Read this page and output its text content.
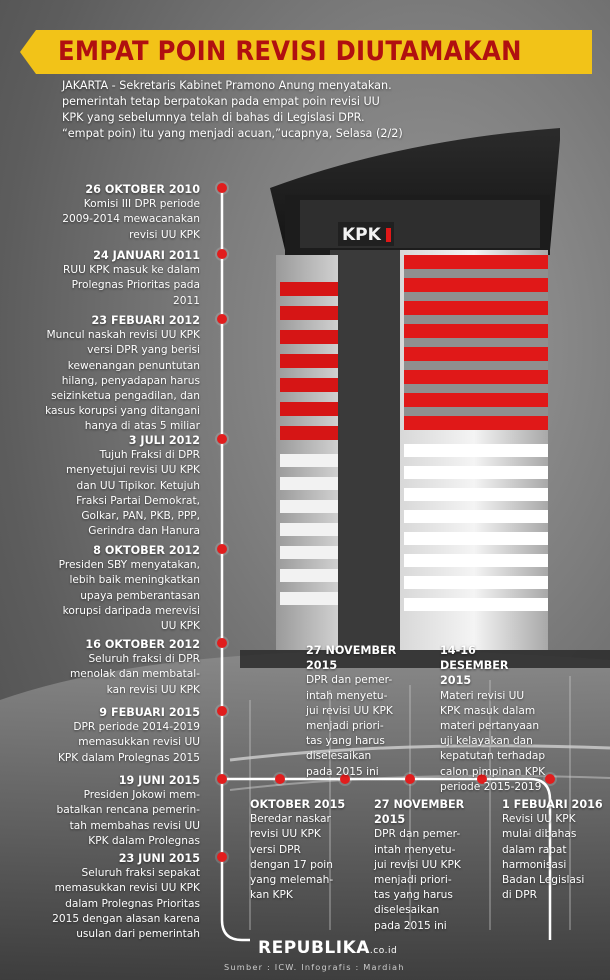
KPK
EMPAT POIN REVISI DIUTAMAKAN
JAKARTA - Sekretaris Kabinet Pramono Anung menyatakan.
pemerintah tetap berpatokan pada empat poin revisi UU
KPK yang sebelumnya telah di bahas di Legislasi DPR.
“empat poin) itu yang menjadi acuan,”ucapnya, Selasa (2/2)
26 OKTOBER 2010
Komisi III DPR periode
2009-2014 mewacanakan
revisi UU KPK
24 JANUARI 2011
RUU KPK masuk ke dalam
Prolegnas Prioritas pada
2011
23 FEBUARI 2012
Muncul naskah revisi UU KPK
versi DPR yang berisi
kewenangan penuntutan
hilang, penyadapan harus
seizinketua pengadilan, dan
kasus korupsi yang ditangani
hanya di atas 5 miliar
3 JULI 2012
Tujuh Fraksi di DPR
menyetujui revisi UU KPK
dan UU Tipikor. Ketujuh
Fraksi Partai Demokrat,
Golkar, PAN, PKB, PPP,
Gerindra dan Hanura
8 OKTOBER 2012
Presiden SBY menyatakan,
lebih baik meningkatkan
upaya pemberantasan
korupsi daripada merevisi
UU KPK
16 OKTOBER 2012
Seluruh fraksi di DPR
menolak dan membatal-
kan revisi UU KPK
9 FEBUARI 2015
DPR periode 2014-2019
memasukkan revisi UU
KPK dalam Prolegnas 2015
19 JUNI 2015
Presiden Jokowi mem-
batalkan rencana pemerin-
tah membahas revisi UU
KPK dalam Prolegnas
23 JUNI 2015
Seluruh fraksi sepakat
memasukkan revisi UU KPK
dalam Prolegnas Prioritas
2015 dengan alasan karena
usulan dari pemerintah
27 NOVEMBER 2015
DPR dan pemer-
intah menyetu-
jui revisi UU KPK
menjadi priori-
tas yang harus
diselesaikan
pada 2015 ini
14-16 DESEMBER 2015
Materi revisi UU
KPK masuk dalam
materi pertanyaan
uji kelayakan dan
kepatutan terhadap
calon pimpinan KPK
periode 2015-2019
OKTOBER 2015
Beredar naskar
revisi UU KPK
versi DPR
dengan 17 poin
yang melemah-
kan KPK
27 NOVEMBER 2015
DPR dan pemer-
intah menyetu-
jui revisi UU KPK
menjadi priori-
tas yang harus
diselesaikan
pada 2015 ini
1 FEBUARI 2016
Revisi UU KPK
mulai dibahas
dalam rapat
harmonisasi
Badan Legislasi
di DPR
REPUBLIKA.co.id
Sumber : ICW. Infografis : Mardiah
